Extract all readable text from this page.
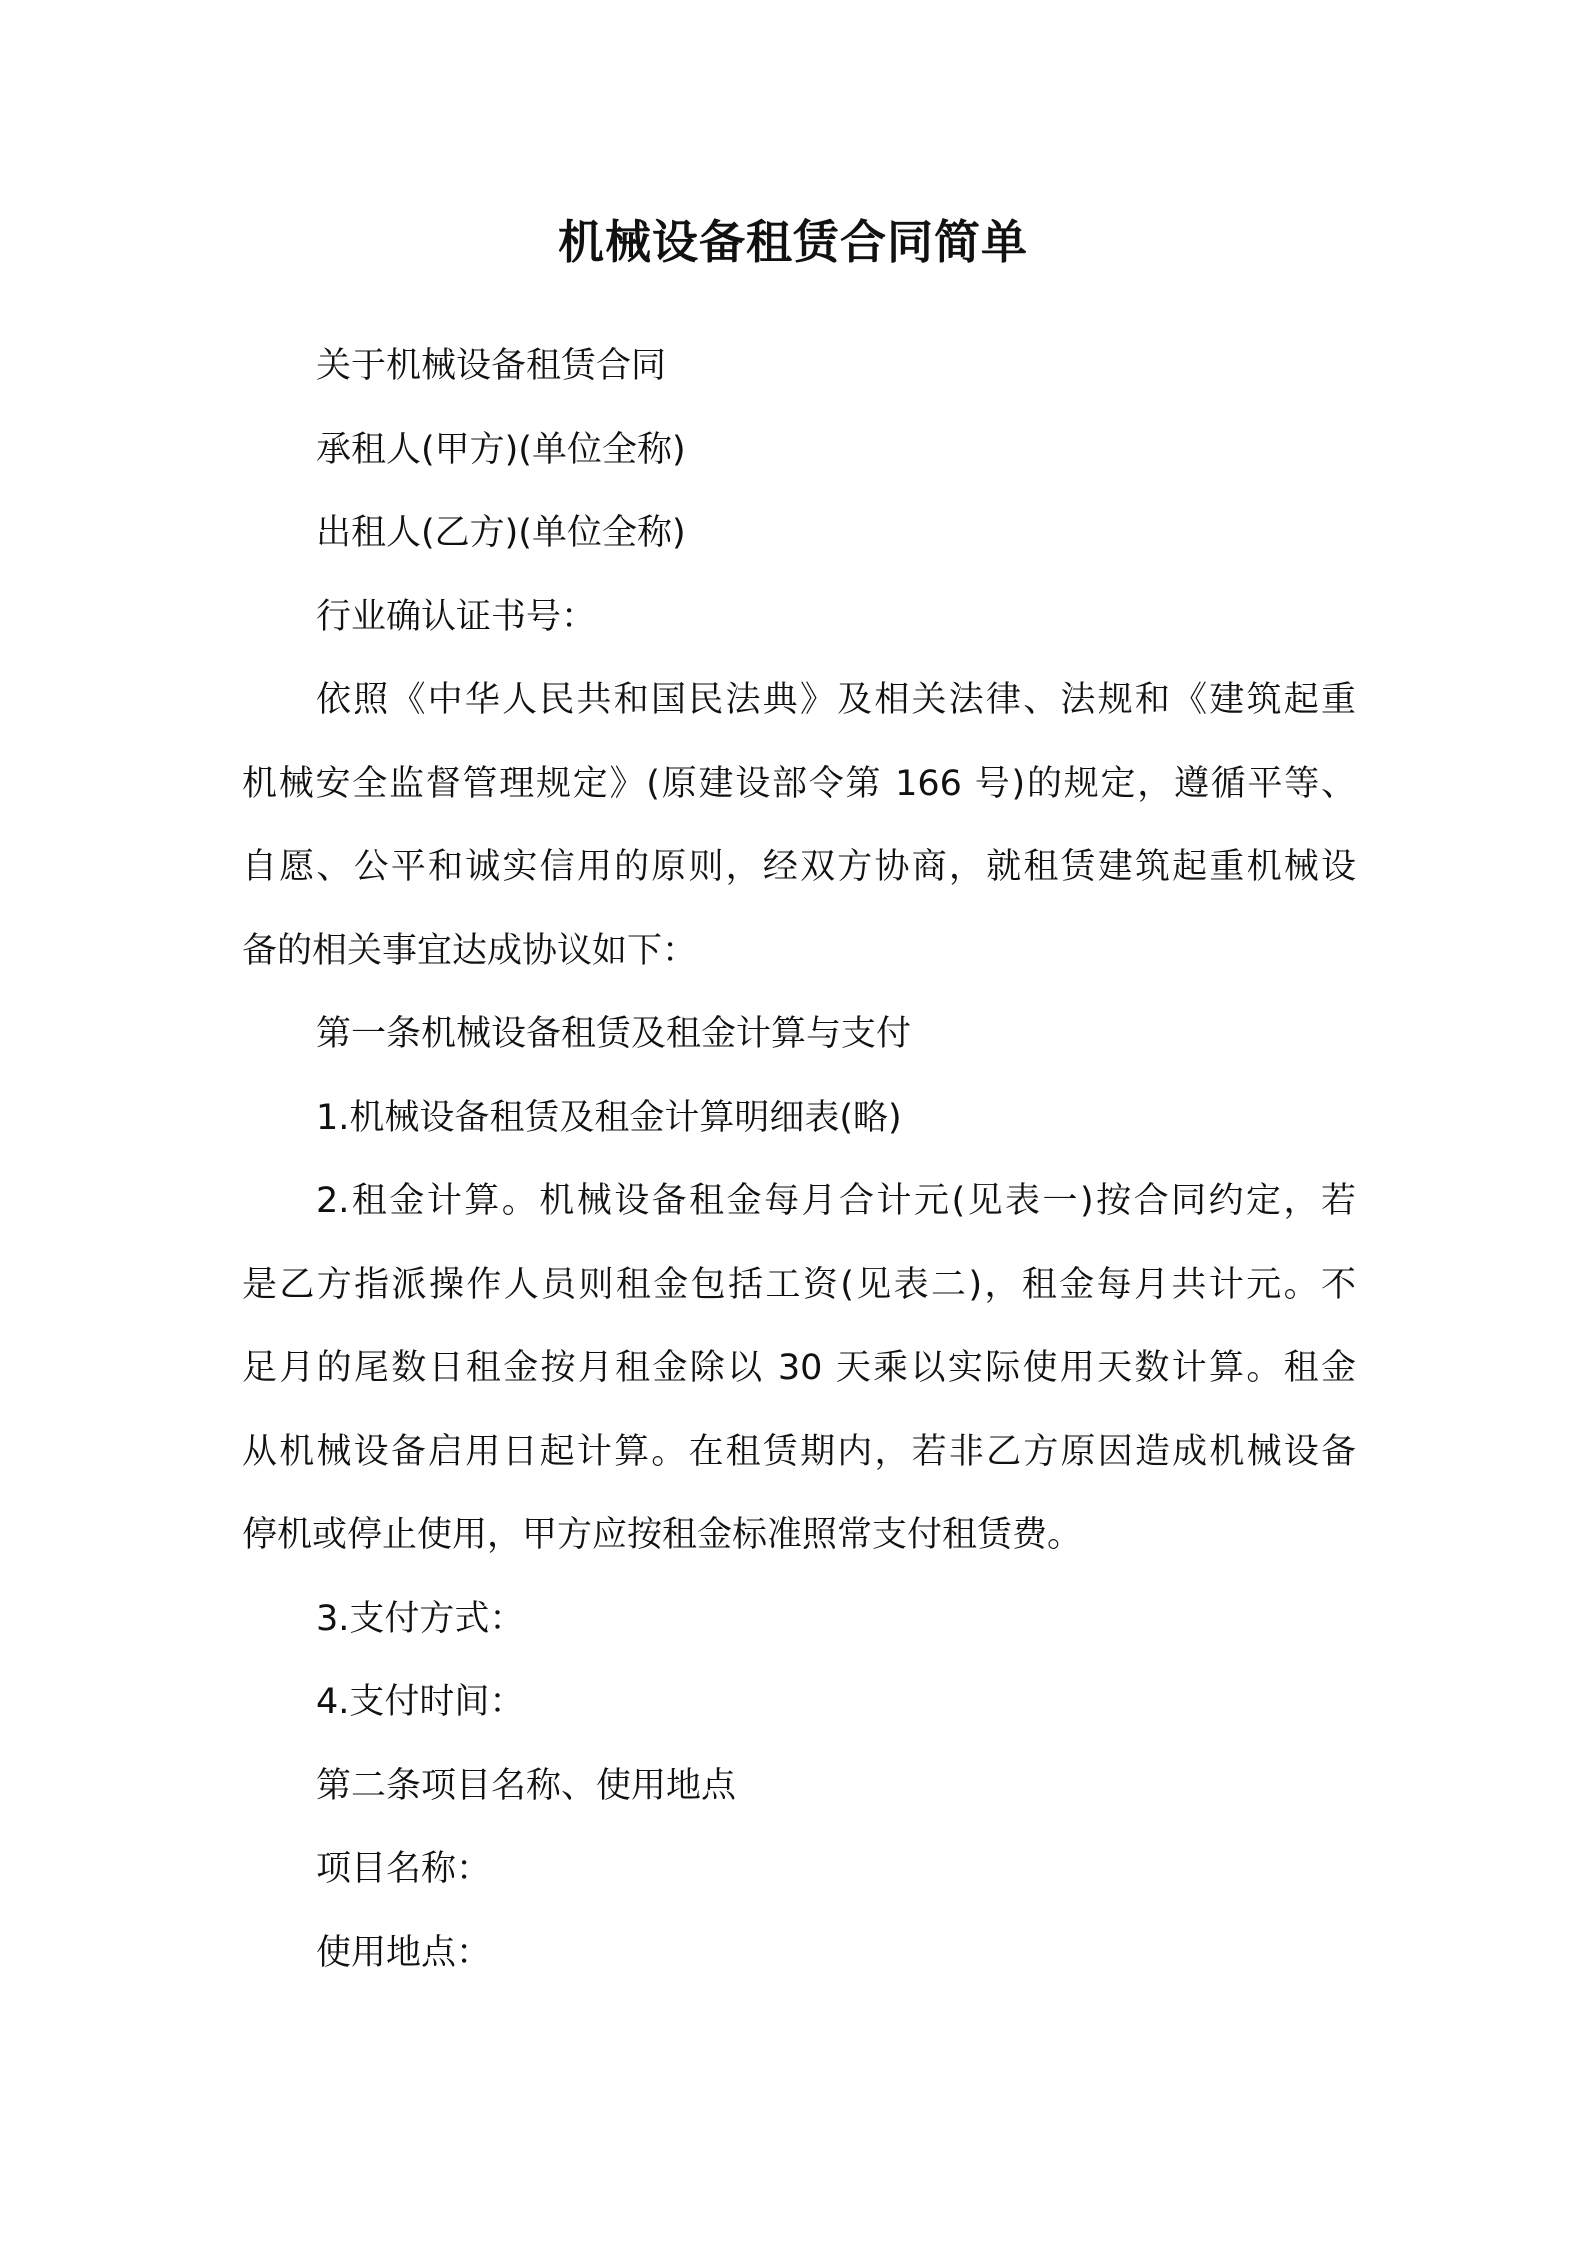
机械设备租赁合同简单
关于机械设备租赁合同
承租人(甲方)(单位全称)
出租人(乙方)(单位全称)
行业确认证书号：
依照《中华人民共和国民法典》及相关法律、法规和《建筑起重
机械安全监督管理规定》(原建设部令第 166 号)的规定，遵循平等、
自愿、公平和诚实信用的原则，经双方协商，就租赁建筑起重机械设
备的相关事宜达成协议如下：
第一条机械设备租赁及租金计算与支付
1.机械设备租赁及租金计算明细表(略)
2.租金计算。机械设备租金每月合计元(见表一)按合同约定，若
是乙方指派操作人员则租金包括工资(见表二)，租金每月共计元。不
足月的尾数日租金按月租金除以 30 天乘以实际使用天数计算。租金
从机械设备启用日起计算。在租赁期内，若非乙方原因造成机械设备
停机或停止使用，甲方应按租金标准照常支付租赁费。
3.支付方式：
4.支付时间：
第二条项目名称、使用地点
项目名称：
使用地点：
